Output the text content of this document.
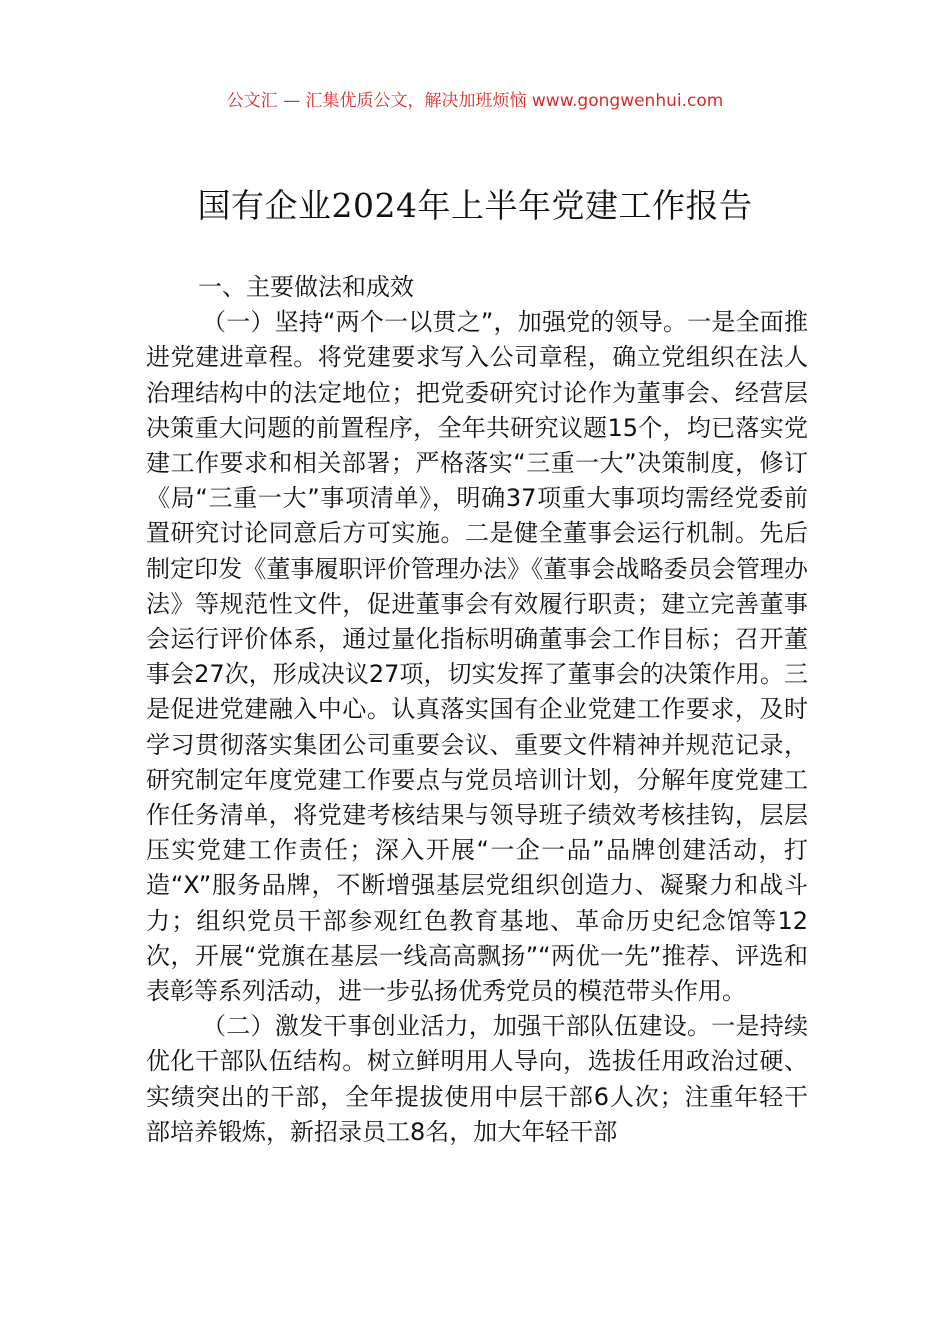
公文汇 — 汇集优质公文，解决加班烦恼 www.gongwenhui.com
国有企业2024年上半年党建工作报告

一、主要做法和成效

（一）坚持“两个一以贯之”，加强党的领导。一是全面推进党建进章程。将党建要求写入公司章程，确立党组织在法人治理结构中的法定地位；把党委研究讨论作为董事会、经营层决策重大问题的前置程序，全年共研究议题15个，均已落实党建工作要求和相关部署；严格落实“三重一大”决策制度，修订《局“三重一大”事项清单》，明确37项重大事项均需经党委前置研究讨论同意后方可实施。二是健全董事会运行机制。先后制定印发《董事履职评价管理办法》《董事会战略委员会管理办法》等规范性文件，促进董事会有效履行职责；建立完善董事会运行评价体系，通过量化指标明确董事会工作目标；召开董事会27次，形成决议27项，切实发挥了董事会的决策作用。三是促进党建融入中心。认真落实国有企业党建工作要求，及时学习贯彻落实集团公司重要会议、重要文件精神并规范记录，研究制定年度党建工作要点与党员培训计划，分解年度党建工作任务清单，将党建考核结果与领导班子绩效考核挂钩，层层压实党建工作责任；深入开展“一企一品”品牌创建活动，打造“X”服务品牌，不断增强基层党组织创造力、凝聚力和战斗力；组织党员干部参观红色教育基地、革命历史纪念馆等12次，开展“党旗在基层一线高高飘扬”“两优一先”推荐、评选和表彰等系列活动，进一步弘扬优秀党员的模范带头作用。

（二）激发干事创业活力，加强干部队伍建设。一是持续优化干部队伍结构。树立鲜明用人导向，选拔任用政治过硬、实绩突出的干部，全年提拔使用中层干部6人次；注重年轻干部培养锻炼，新招录员工8名，加大年轻干部
